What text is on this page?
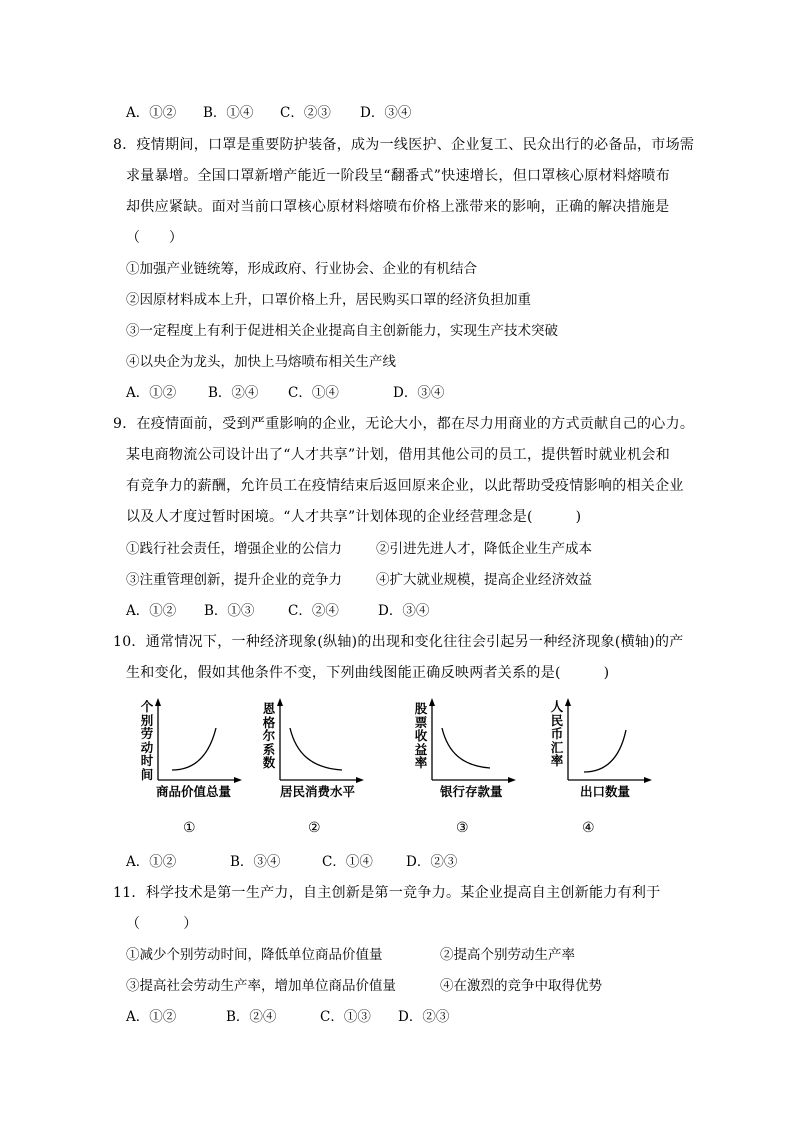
A．①② B．①④ C．②③ D．③④
8．疫情期间，口罩是重要防护装备，成为一线医护、企业复工、民众出行的必备品，市场需
求量暴增。全国口罩新增产能近一阶段呈“翻番式”快速增长，但口罩核心原材料熔喷布
却供应紧缺。面对当前口罩核心原材料熔喷布价格上涨带来的影响，正确的解决措施是
（　　）
①加强产业链统筹，形成政府、行业协会、企业的有机结合
②因原材料成本上升，口罩价格上升，居民购买口罩的经济负担加重
③一定程度上有利于促进相关企业提高自主创新能力，实现生产技术突破
④以央企为龙头，加快上马熔喷布相关生产线
A．①② B．②④ C．①④	D．③④
9．在疫情面前，受到严重影响的企业，无论大小，都在尽力用商业的方式贡献自己的心力。
某电商物流公司设计出了“人才共享”计划，借用其他公司的员工，提供暂时就业机会和
有竞争力的薪酬，允许员工在疫情结束后返回原来企业，以此帮助受疫情影响的相关企业
以及人才度过暂时困境。“人才共享”计划体现的企业经营理念是(　　　)
①践行社会责任，增强企业的公信力	②引进先进人才，降低企业生产成本
③注重管理创新，提升企业的竞争力	④扩大就业规模，提高企业经济效益
A．①② B．①③ C．②④	D．③④
10．通常情况下，一种经济现象(纵轴)的出现和变化往往会引起另一种经济现象(横轴)的产
生和变化，假如其他条件不变，下列曲线图能正确反映两者关系的是(　　　)
个别劳动时间
商品价值总量
恩格尔系数
居民消费水平
股票收益率
银行存款量
人民币汇率
出口数量
①	②	③	④
A．①②	B．③④	C．①④ D．②③
11．科学技术是第一生产力，自主创新是第一竞争力。某企业提高自主创新能力有利于
（　　　）
①减少个别劳动时间，降低单位商品价值量	②提高个别劳动生产率
③提高社会劳动生产率，增加单位商品价值量	④在激烈的竞争中取得优势
A．①②	B．②④	C．①③ D．②③
